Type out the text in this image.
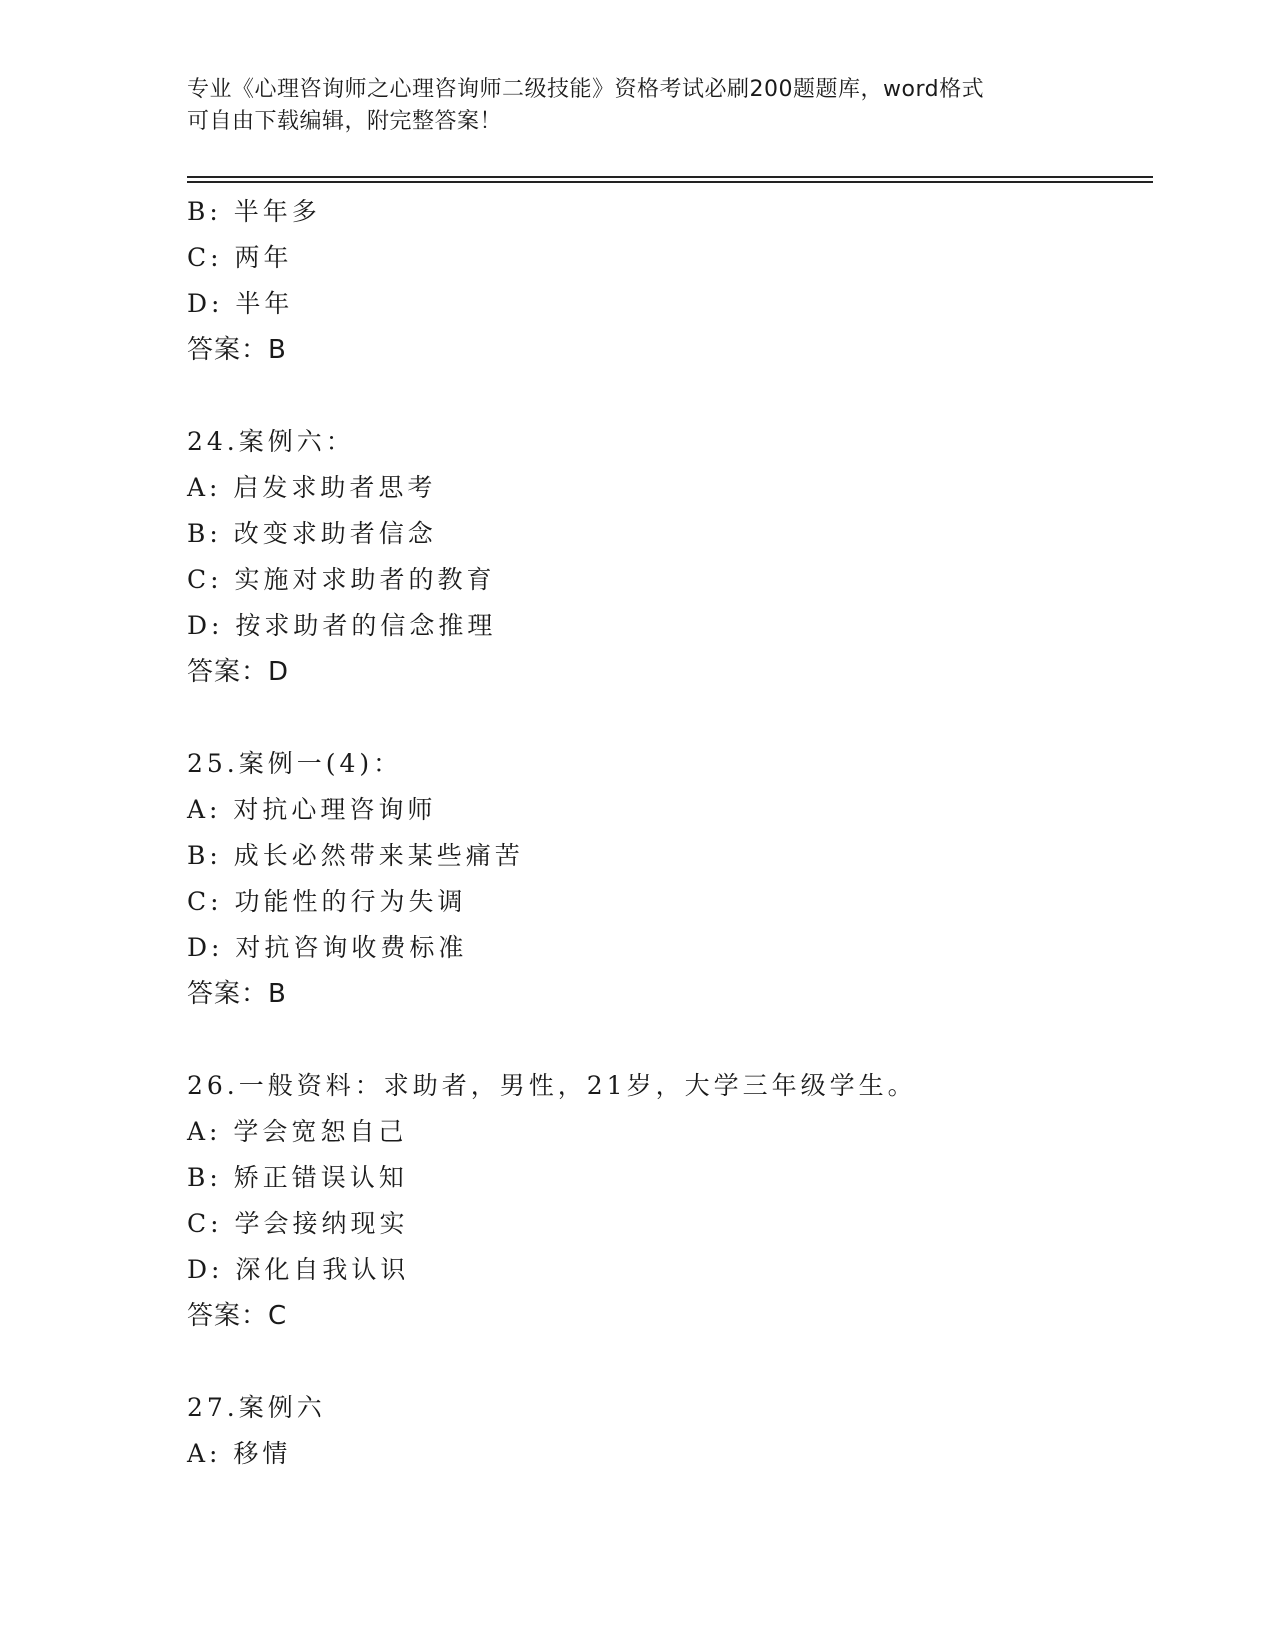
专业《心理咨询师之心理咨询师二级技能》资格考试必刷200题题库，word格式
可自由下载编辑，附完整答案！
B: 半年多
C: 两年
D: 半年
答案：B
24.案例六：
A: 启发求助者思考
B: 改变求助者信念
C: 实施对求助者的教育
D: 按求助者的信念推理
答案：D
25.案例一(4)：
A: 对抗心理咨询师
B: 成长必然带来某些痛苦
C: 功能性的行为失调
D: 对抗咨询收费标准
答案：B
26.一般资料：求助者，男性，21岁，大学三年级学生。
A: 学会宽恕自己
B: 矫正错误认知
C: 学会接纳现实
D: 深化自我认识
答案：C
27.案例六
A: 移情
